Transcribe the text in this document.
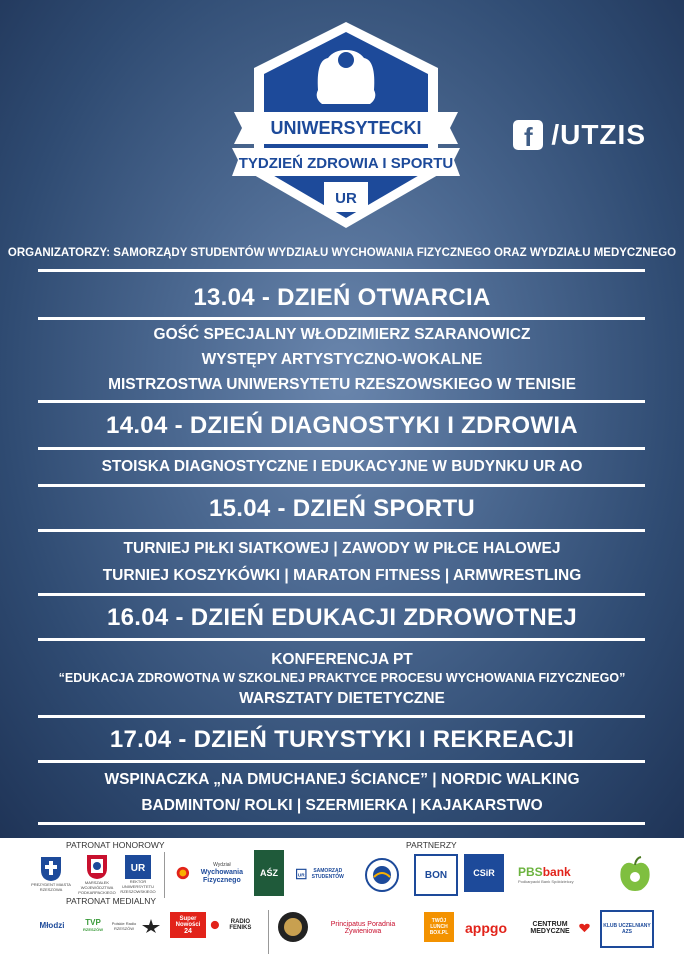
UNIWERSYTECKI
TYDZIEŃ ZDROWIA I SPORTU
UR
f /UTZIS
ORGANIZATORZY: SAMORZĄDY STUDENTÓW WYDZIAŁU WYCHOWANIA FIZYCZNEGO ORAZ WYDZIAŁU MEDYCZNEGO
13.04 - DZIEŃ OTWARCIA
GOŚĆ SPECJALNY WŁODZIMIERZ SZARANOWICZ
WYSTĘPY ARTYSTYCZNO-WOKALNE
MISTRZOSTWA UNIWERSYTETU RZESZOWSKIEGO W TENISIE
14.04 - DZIEŃ DIAGNOSTYKI I ZDROWIA
STOISKA DIAGNOSTYCZNE I EDUKACYJNE W BUDYNKU UR AO
15.04 - DZIEŃ SPORTU
TURNIEJ PIŁKI SIATKOWEJ | ZAWODY W PIŁCE HALOWEJ
TURNIEJ KOSZYKÓWKI | MARATON FITNESS | ARMWRESTLING
16.04 - DZIEŃ EDUKACJI ZDROWOTNEJ
KONFERENCJA PT
“EDUKACJA ZDROWOTNA W SZKOLNEJ PRAKTYCE PROCESU WYCHOWANIA FIZYCZNEGO”
WARSZTATY DIETETYCZNE
17.04 - DZIEŃ TURYSTYKI I REKREACJI
WSPINACZKA „NA DMUCHANEJ ŚCIANCE” | NORDIC WALKING
BADMINTON/ ROLKI | SZERMIERKA | KAJAKARSTWO
PATRONAT HONOROWY	PARTNERZY
PATRONAT MEDIALNY
PREZYDENT MIASTA RZESZOWA
MARSZAŁEK WOJEWÓDZTWA PODKARPACKIEGO
UR
REKTOR UNIWERSYTETU RZESZOWSKIEGO
Wydział
Wychowania Fizycznego
AŚZ UR
SAMORZĄD STUDENTÓW	BON	CSiR PBSbank
Podkarpacki Bank Spółdzielczy
Młodzi	TVP
RZESZÓW
Polskie Radio RZESZÓW
Super Nowości
24
RADIO FENIKS	Principatus Poradnia Żywieniowa
TWÓJ LUNCH BOX.PL	appgo	CENTRUM MEDYCZNE
KLUB UCZELNIANY AZS
